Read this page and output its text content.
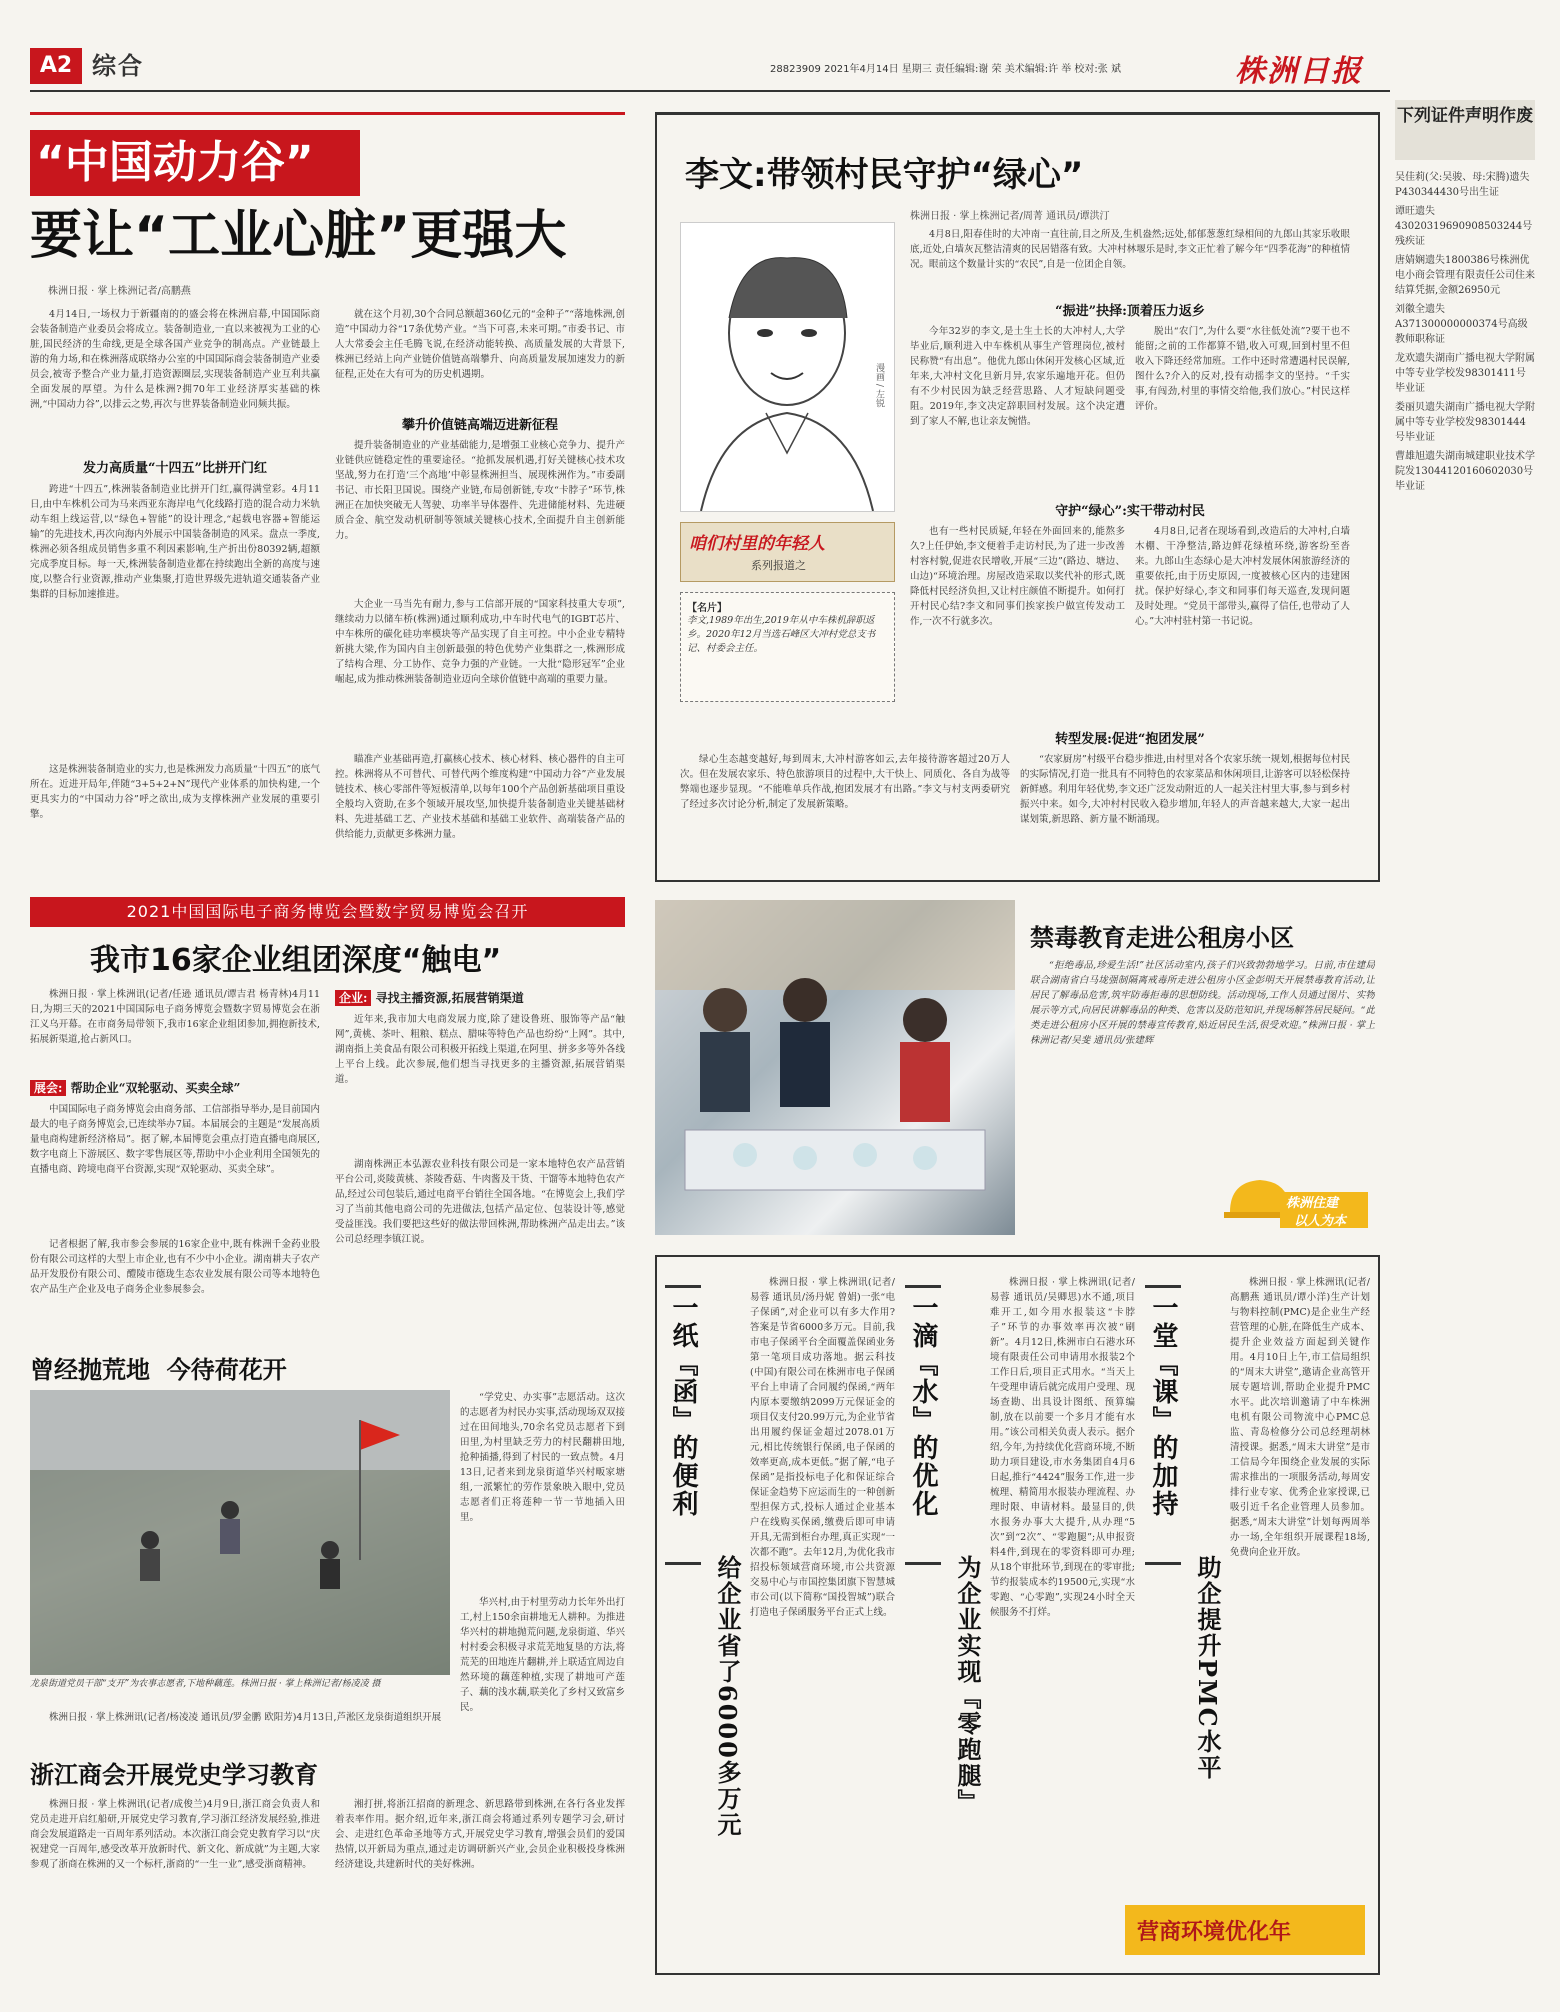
A2 综合	28823909 2021年4月14日 星期三 责任编辑:谢 荣 美术编辑:许 举 校对:张 斌	株洲日报
“中国动力谷”
要让“工业心脏”更强大
株洲日报 · 掌上株洲记者/高鹏燕

4月14日,一场权力于新疆南的的盛会将在株洲启幕,中国国际商会装备制造产业委员会将成立。装备制造业,一直以来被视为工业的心脏,国民经济的生命线,更是全球各国产业竞争的制高点。产业链最上游的角力场,和在株洲落成联络办公室的中国国际商会装备制造产业委员会,被寄予整合产业力量,打造资源圈层,实现装备制造产业互利共赢全面发展的厚望。为什么是株洲?拥70年工业经济厚实基础的株洲,“中国动力谷”,以排云之势,再次与世界装备制造业同频共振。

发力高质量“十四五”比拼开门红

跨进“十四五”,株洲装备制造业比拼开门红,赢得满堂彩。4月11日,由中车株机公司为马来西亚东海岸电气化线路打造的混合动力米轨动车组上线运营,以“绿色+智能”的设计理念,“起载电容器+智能运输”的先进技术,再次向海内外展示中国装备制造的风采。盘点一季度,株洲必须各组成员销售多重不利因素影响,生产折出份80392辆,超额完成季度目标。每一天,株洲装备制造业都在持续跑出全新的高度与速度,以整合行业资源,推动产业集聚,打造世界级先进轨道交通装备产业集群的目标加速推进。

这是株洲装备制造业的实力,也是株洲发力高质量“十四五”的底气所在。近进开局年,伴随“3+5+2+N”现代产业体系的加快构建,一个更具实力的“中国动力谷”呼之欲出,成为支撑株洲产业发展的重要引擎。

就在这个月初,30个合同总额超360亿元的“金种子”“落地株洲,创造”中国动力谷“17条优势产业。“当下可喜,未来可期。”市委书记、市人大常委会主任毛腾飞说,在经济动能转换、高质量发展的大背景下,株洲已经站上向产业链价值链高端攀升、向高质量发展加速发力的新征程,正处在大有可为的历史机遇期。

攀升价值链高端迈进新征程

提升装备制造业的产业基础能力,是增强工业核心竞争力、提升产业链供应链稳定性的重要途径。“抢抓发展机遇,打好关键核心技术攻坚战,努力在打造‘三个高地’中彰显株洲担当、展现株洲作为。”市委副书记、市长阳卫国说。围绕产业链,布局创新链,专攻“卡脖子”环节,株洲正在加快突破无人驾驶、功率半导体器件、先进储能材料、先进硬质合金、航空发动机研制等领域关键核心技术,全面提升自主创新能力。

大企业一马当先有耐力,参与工信部开展的“国家科技重大专项”,继续动力以储车桥(株洲)通过顺利成功,中车时代电气的IGBT芯片、中车株所的碳化硅功率模块等产品实现了自主可控。中小企业专精特新挑大梁,作为国内自主创新最强的特色优势产业集群之一,株洲形成了结构合理、分工协作、竞争力强的产业链。一大批“隐形冠军”企业崛起,成为推动株洲装备制造业迈向全球价值链中高端的重要力量。

瞄准产业基础再造,打赢核心技术、核心材料、核心器件的自主可控。株洲将从不可替代、可替代两个维度构建“中国动力谷”产业发展链技术、核心零部件等短板清单,以每年100个产品创新基础项目重设全般均入资助,在多个领域开展攻坚,加快提升装备制造业关键基础材料、先进基础工艺、产业技术基础和基础工业软件、高端装备产品的供给能力,贡献更多株洲力量。

李文:带领村民守护“绿心”
株洲日报 · 掌上株洲记者/周菁 通讯员/谭洪汀
漫画 / 左锐

4月8日,阳春佳时的大冲南一直往前,目之所及,生机盎然;远处,郁郁葱葱红绿相间的九郎山其家乐收眼底,近处,白墙灰瓦整洁清爽的民居错落有致。大冲村林堰乐是时,李文正忙着了解今年“四季花海”的种植情况。眼前这个数量计实的“农民”,自是一位团企自领。

“振进”抉择:顶着压力返乡

今年32岁的李文,是土生土长的大冲村人,大学毕业后,顺利进入中车株机从事生产管理岗位,被村民称赞“有出息”。他优九郎山休闲开发核心区域,近年来,大冲村文化旦新月异,农家乐遍地开花。但仍有不少村民因为缺乏经营思路、人才短缺问题受阻。2019年,李文决定辞职回村发展。这个决定遭到了家人不解,也让亲友惋惜。

脱出“农门”,为什么要“水往低处流”?要干也不能留;之前的工作都算不错,收入可观,回到村里不但收入下降还经常加班。工作中还时常遭遇村民误解,图什么?介入的反对,投有动摇李文的坚持。“千实事,有闯劲,村里的事情交给他,我们放心。”村民这样评价。

咱们村里的年轻人
系列报道之
【名片】
李文,1989年出生,2019年从中车株机辞职返乡。2020年12月当选石峰区大冲村党总支书记、村委会主任。
守护“绿心”:实干带动村民

也有一些村民质疑,年轻在外面回来的,能熬多久?上任伊始,李文便着手走访村民,为了进一步改善村容村貌,促进农民增收,开展“三边”(路边、塘边、山边)“环境治理。房屋改造采取以奖代补的形式,既降低村民经济负担,又让村庄颜值不断提升。如何打开村民心结?李文和同事们挨家挨户做宣传发动工作,一次不行就多次。

4月8日,记者在现场看到,改造后的大冲村,白墙木棚、干净整洁,路边鲜花绿植环绕,游客纷至沓来。九郎山生态绿心是大冲村发展休闲旅游经济的重要依托,由于历史原因,一度被核心区内的违建困扰。保护好绿心,李文和同事们每天巡查,发现问题及时处理。“党员干部带头,赢得了信任,也带动了人心。”大冲村驻村第一书记说。

转型发展:促进“抱团发展”

绿心生态越变越好,每到周末,大冲村游客如云,去年接待游客超过20万人次。但在发展农家乐、特色旅游项目的过程中,大干快上、同质化、各自为战等弊端也逐步显现。“不能唯单兵作战,抱团发展才有出路。”李文与村支两委研究了经过多次讨论分析,制定了发展新策略。

“农家厨房”村级平台稳步推进,由村里对各个农家乐统一规划,根据每位村民的实际情况,打造一批具有不同特色的农家菜品和休闲项目,让游客可以轻松保持新鲜感。利用年轻优势,李文还广泛发动附近的人一起关注村里大事,参与到乡村振兴中来。如今,大冲村村民收入稳步增加,年轻人的声音越来越大,大家一起出谋划策,新思路、新方量不断涌现。

下列证件声明作废
吴佳莉(父:吴骏、母:宋腾)遗失P430344430号出生证
谭旺遗失43020319690908503244号残疾证
唐婧娴遗失1800386号株洲优电小商会管理有限责任公司住来结算凭据,金额26950元
刘徽全遗失A371300000000374号高级教师职称证
龙欢遗失湖南广播电视大学附属中等专业学校发98301411号毕业证
娄丽贝遗失湖南广播电视大学附属中等专业学校发98301444号毕业证
曹雄旭遗失湖南城建职业技术学院发13044120160602030号毕业证
2021中国国际电子商务博览会暨数字贸易博览会召开
我市16家企业组团深度“触电”

株洲日报 · 掌上株洲讯(记者/任逊 通讯员/谭吉君 杨青林)4月11日,为期三天的2021中国国际电子商务博览会暨数字贸易博览会在浙江义乌开幕。在市商务局带领下,我市16家企业组团参加,拥抱新技术,拓展新渠道,抢占新风口。

展会: 帮助企业“双轮驱动、买卖全球”

中国国际电子商务博览会由商务部、工信部指导举办,是目前国内最大的电子商务博览会,已连续举办7届。本届展会的主题是“发展高质量电商构建新经济格局”。据了解,本届博览会重点打造直播电商展区,数字电商上下游展区、数字零售展区等,帮助中小企业利用全国领先的直播电商、跨境电商平台资源,实现“双轮驱动、买卖全球”。

记者根据了解,我市参会参展的16家企业中,既有株洲千金药业股份有限公司这样的大型上市企业,也有不少中小企业。湖南耕夫子农产品开发股份有限公司、醴陵市德珑生态农业发展有限公司等本地特色农产品生产企业及电子商务企业参展参会。

企业: 寻找主播资源,拓展营销渠道

近年来,我市加大电商发展力度,除了建设鲁班、服饰等产品“触网”,黄桃、茶叶、粗粮、糕点、腊味等特色产品也纷纷“上网”。其中,湖南指上美食品有限公司积极开拓线上渠道,在阿里、拼多多等外各线上平台上线。此次参展,他们想当寻找更多的主播资源,拓展营销渠道。

湖南株洲正本弘源农业科技有限公司是一家本地特色农产品营销平台公司,炎陵黄桃、茶陵香菇、牛肉酱及干货、干馏等本地特色农产品,经过公司包装后,通过电商平台销往全国各地。“在博览会上,我们学习了当前其他电商公司的先进做法,包括产品定位、包装设计等,感觉受益匪浅。我们要把这些好的做法带回株洲,帮助株洲产品走出去。”该公司总经理李镇江说。

禁毒教育走进公租房小区

“拒绝毒品,珍爱生活!”社区活动室内,孩子们兴致勃勃地学习。日前,市住建局联合湖南省白马垅强制隔离戒毒所走进公租房小区金彭明天开展禁毒教育活动,让居民了解毒品危害,筑牢防毒拒毒的思想防线。活动现场,工作人员通过图片、实物展示等方式,向居民讲解毒品的种类、危害以及防范知识,并现场解答居民疑问。“此类走进公租房小区开展的禁毒宣传教育,贴近居民生活,很受欢迎。”株洲日报 · 掌上株洲记者/吴斐 通讯员/张建辉

株洲住建
以人为本
曾经抛荒地  今待荷花开
龙泉街道党员干部“支开”为农事志愿者,下地种藕莲。株洲日报 · 掌上株洲记者/杨凌凌 摄

株洲日报 · 掌上株洲讯(记者/杨凌凌 通讯员/罗金鹏 欧阳芳)4月13日,芦淞区龙泉街道组织开展

“学党史、办实事”志愿活动。这次的志愿者为村民办实事,活动现场双双接过在田间地头,70余名党员志愿者下到田里,为村里缺乏劳力的村民翻耕田地,抢种插播,得到了村民的一致点赞。4月13日,记者来到龙泉街道华兴村畈家塘组,一派繁忙的劳作景象映入眼中,党员志愿者们正将莲种一节一节地插入田里。

华兴村,由于村里劳动力长年外出打工,村上150余亩耕地无人耕种。为推进华兴村的耕地抛荒问题,龙泉街道、华兴村村委会积极寻求荒芜地复垦的方法,将荒芜的田地连片翻耕,并上联适宜周边自然环境的藕莲种植,实现了耕地可产莲子、藕的浅水藕,联美化了乡村又致富乡民。

浙江商会开展党史学习教育

株洲日报 · 掌上株洲讯(记者/成俊兰)4月9日,浙江商会负责人和党员走进开启红船研,开展党史学习教育,学习浙江经济发展经验,推进商会发展道路走一百周年系列活动。本次浙江商会党史教育学习以“庆祝建党一百周年,感受改革开放新时代、新文化、新成就”为主题,大家参观了浙商在株洲的又一个标杆,浙商的“一生一业”,感受浙商精神。

湘打拼,将浙江招商的新理念、新思路带到株洲,在各行各业发挥着表率作用。据介绍,近年来,浙江商会将通过系列专题学习会,研讨会、走进红色革命圣地等方式,开展党史学习教育,增强会员们的爱国热情,以开新局为重点,通过走访调研新兴产业,会员企业积极投身株洲经济建设,共建新时代的美好株洲。

一纸『函』的便利
给企业省了6000多万元

株洲日报 · 掌上株洲讯(记者/易蓉 通讯员/汤丹妮 曾娟)一张“电子保函”,对企业可以有多大作用?答案是节省6000多万元。目前,我市电子保函平台全面覆盖保函业务第一笔项目成功落地。据云科技(中国)有限公司在株洲市电子保函平台上申请了合同履约保函,“两年内原本要缴纳2099万元保证金的项目仅支付20.99万元,为企业节省出用履约保证金超过2078.01万元,相比传统银行保函,电子保函的效率更高,成本更低。”据了解,“电子保函”是指投标电子化和保证综合保证金趋势下应运而生的一种创新型担保方式,投标人通过企业基本户在线购买保函,缴费后即可申请开具,无需到柜台办理,真正实现“一次都不跑”。去年12月,为优化我市招投标领域营商环境,市公共资源交易中心与市国控集团旗下智慧城市公司(以下简称“国投智城”)联合打造电子保函服务平台正式上线。

一滴『水』的优化
为企业实现『零跑腿』

株洲日报 · 掌上株洲讯(记者/易蓉 通讯员/吴卿思)水不通,项目难开工,如今用水报装这“卡脖子”环节的办事效率再次被“刷新”。4月12日,株洲市白石港水环境有限责任公司申请用水报装2个工作日后,项目正式用水。“当天上午受理申请后就完成用户受理、现场查勘、出具设计图纸、预算编制,放在以前要一个多月才能有水用。”该公司相关负责人表示。据介绍,今年,为持续优化营商环境,不断助力项目建设,市水务集团自4月6日起,推行“4424”服务工作,进一步梳理、精简用水报装办理流程、办理时限、申请材料。最显目的,供水报务办事大大提升,从办理“5次”到“2次”、“零跑腿”;从申报资料4件,到现在的零资料即可办理;从18个审批环节,到现在的零审批;节约报装成本约19500元,实现“水零跑、“心零跑”,实现24小时全天候服务不打烊。

一堂『课』的加持
助企提升PMC水平

株洲日报 · 掌上株洲讯(记者/高鹏燕 通讯员/谭小洋)生产计划与物料控制(PMC)是企业生产经营管理的心脏,在降低生产成本、提升企业效益方面起到关键作用。4月10日上午,市工信局组织的“周末大讲堂”,邀请企业高管开展专题培训,帮助企业提升PMC水平。此次培训邀请了中车株洲电机有限公司物流中心PMC总监、青岛检修分公司总经理胡林清授课。据悉,“周末大讲堂”是市工信局今年围绕企业发展的实际需求推出的一项服务活动,每周安排行业专家、优秀企业家授课,已吸引近千名企业管理人员参加。据悉,“周末大讲堂”计划每两周举办一场,全年组织开展课程18场,免费向企业开放。

营商环境优化年
